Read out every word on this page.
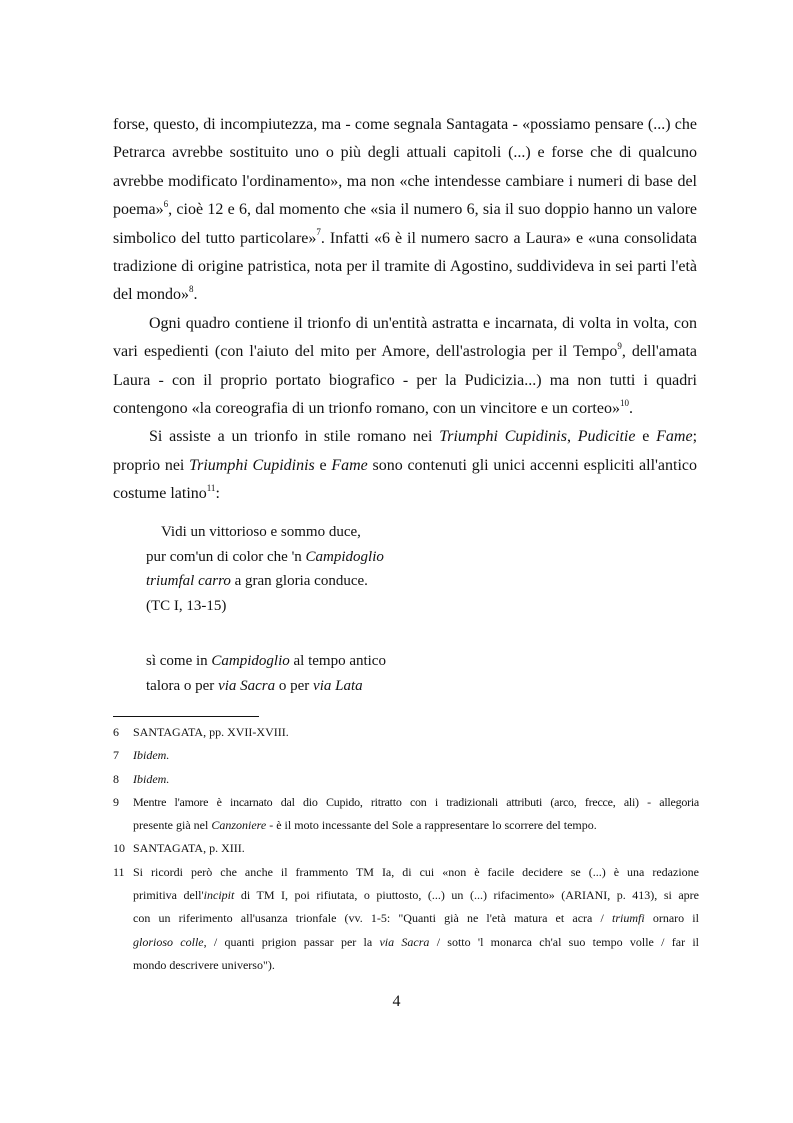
forse, questo, di incompiutezza, ma - come segnala Santagata - «possiamo pensare (...) che
Petrarca avrebbe sostituito uno o più degli attuali capitoli (...) e forse che di qualcuno
avrebbe modificato l'ordinamento», ma non «che intendesse cambiare i numeri di base del
poema»$^6$, cioè 12 e 6, dal momento che «sia il numero 6, sia il suo doppio hanno un valore
simbolico del tutto particolare»$^7$. Infatti «6 è il numero sacro a Laura» e «una consolidata
tradizione di origine patristica, nota per il tramite di Agostino, suddivideva in sei parti l'età
del mondo»$^8$.
Ogni quadro contiene il trionfo di un'entità astratta e incarnata, di volta in volta, con
vari espedienti (con l'aiuto del mito per Amore, dell'astrologia per il Tempo$^9$, dell'amata
Laura - con il proprio portato biografico - per la Pudicizia...) ma non tutti i quadri
contengono «la coreografia di un trionfo romano, con un vincitore e un corteo»$^{10}$.
Si assiste a un trionfo in stile romano nei Triumphi Cupidinis, Pudicitie e Fame;
proprio nei Triumphi Cupidinis e Fame sono contenuti gli unici accenni espliciti all'antico
costume latino$^{11}$:
Vidi un vittorioso e sommo duce,
pur com'un di color che 'n Campidoglio
triumfal carro a gran gloria conduce.
(TC I, 13-15)
sì come in Campidoglio al tempo antico
talora o per via Sacra o per via Lata
6 SANTAGATA, pp. XVII-XVIII.
7 Ibidem.
8 Ibidem.
9 Mentre l'amore è incarnato dal dio Cupido, ritratto con i tradizionali attributi (arco, frecce, ali) - allegoria
presente già nel Canzoniere - è il moto incessante del Sole a rappresentare lo scorrere del tempo.
10 SANTAGATA, p. XIII.
11 Si ricordi però che anche il frammento TM Ia, di cui «non è facile decidere se (...) è una redazione
primitiva dell'incipit di TM I, poi rifiutata, o piuttosto, (...) un (...) rifacimento» (ARIANI, p. 413), si apre
con un riferimento all'usanza trionfale (vv. 1-5: "Quanti già ne l'età matura et acra / triumfi ornaro il
glorioso colle, / quanti prigion passar per la via Sacra / sotto 'l monarca ch'al suo tempo volle / far il
mondo descrivere universo").
4
